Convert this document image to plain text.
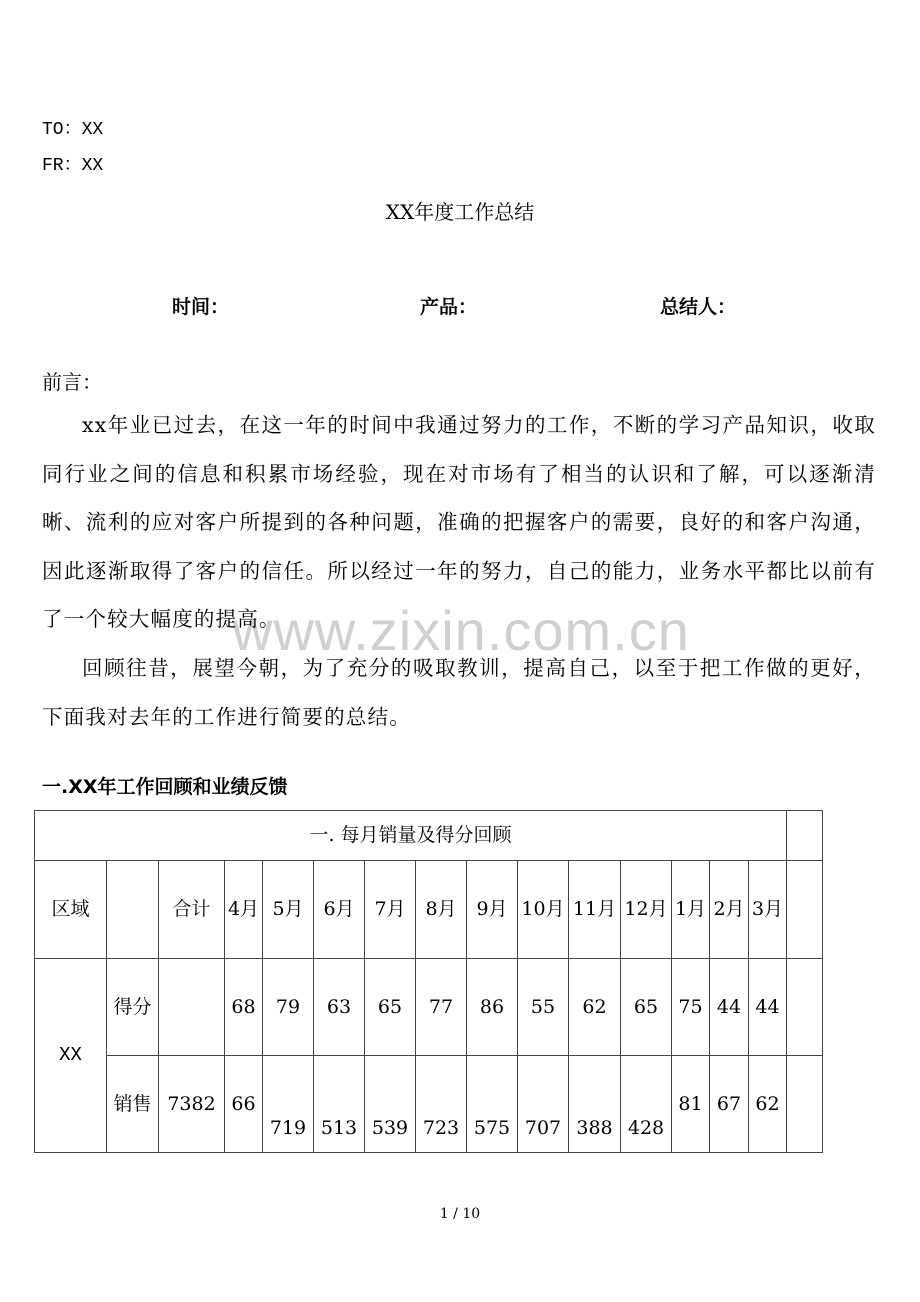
www.zixin.com.cn
TO：XX
FR：XX
XX年度工作总结
时间：	产品：	总结人：
前言：

xx年业已过去，在这一年的时间中我通过努力的工作，不断的学习产品知识，收取同行业之间的信息和积累市场经验，现在对市场有了相当的认识和了解，可以逐渐清晰、流利的应对客户所提到的各种问题，准确的把握客户的需要，良好的和客户沟通，因此逐渐取得了客户的信任。所以经过一年的努力，自己的能力，业务水平都比以前有了一个较大幅度的提高。

回顾往昔，展望今朝，为了充分的吸取教训，提高自己，以至于把工作做的更好，下面我对去年的工作进行简要的总结。

一.XX年工作回顾和业绩反馈
一. 每月销量及得分回顾															
区域		合计	4月	5月	6月	7月	8月	9月	10月	11月	12月	1月	2月	3月	
XX	得分		68	79	63	65	77	86	55	62	65	75	44	44	
	销售	7382	66	719	513	539	723	575	707	388	428	81	67	62	
1 / 10
